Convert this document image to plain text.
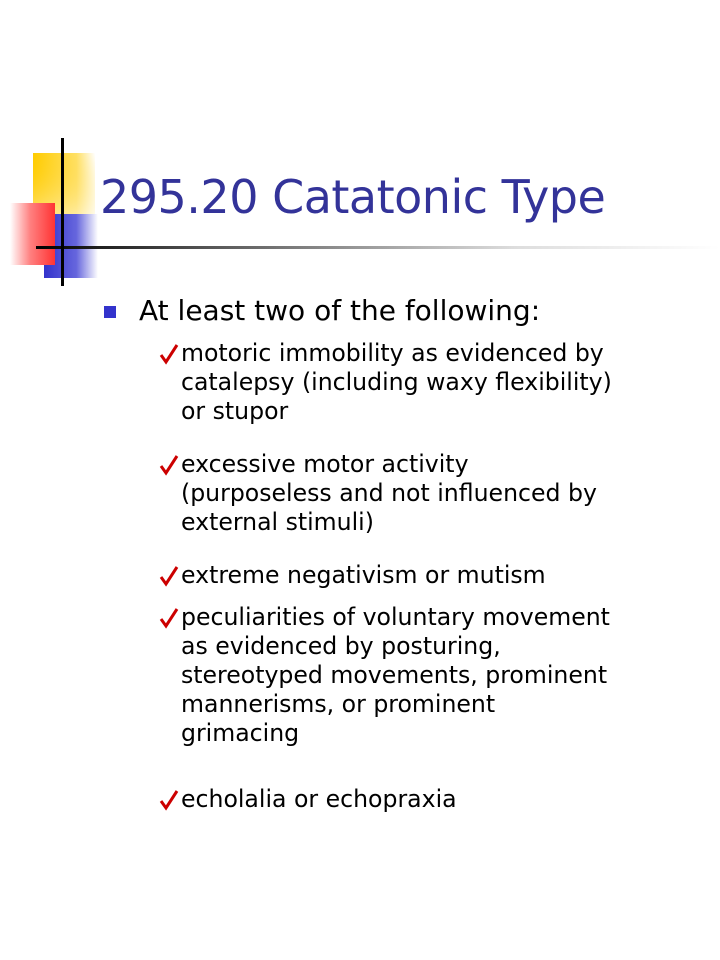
295.20 Catatonic Type
At least two of the following:
motoric immobility as evidenced by
catalepsy (including waxy flexibility)
or stupor
excessive motor activity
(purposeless and not influenced by
external stimuli)
extreme negativism or mutism
peculiarities of voluntary movement
as evidenced by posturing,
stereotyped movements, prominent
mannerisms, or prominent
grimacing
echolalia or echopraxia
